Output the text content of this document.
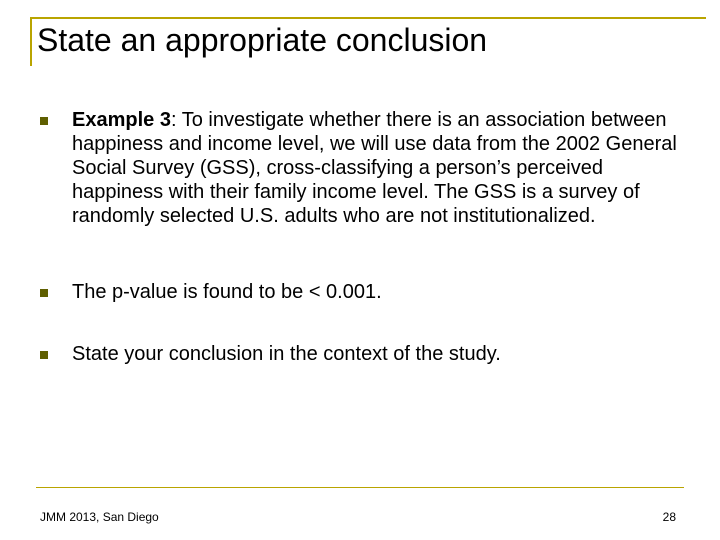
State an appropriate conclusion
Example 3: To investigate whether there is an association between happiness and income level, we will use data from the 2002 General Social Survey (GSS), cross-classifying a person’s perceived happiness with their family income level. The GSS is a survey of randomly selected U.S. adults who are not institutionalized.
The p-value is found to be < 0.001.
State your conclusion in the context of the study.
JMM 2013, San Diego	28
